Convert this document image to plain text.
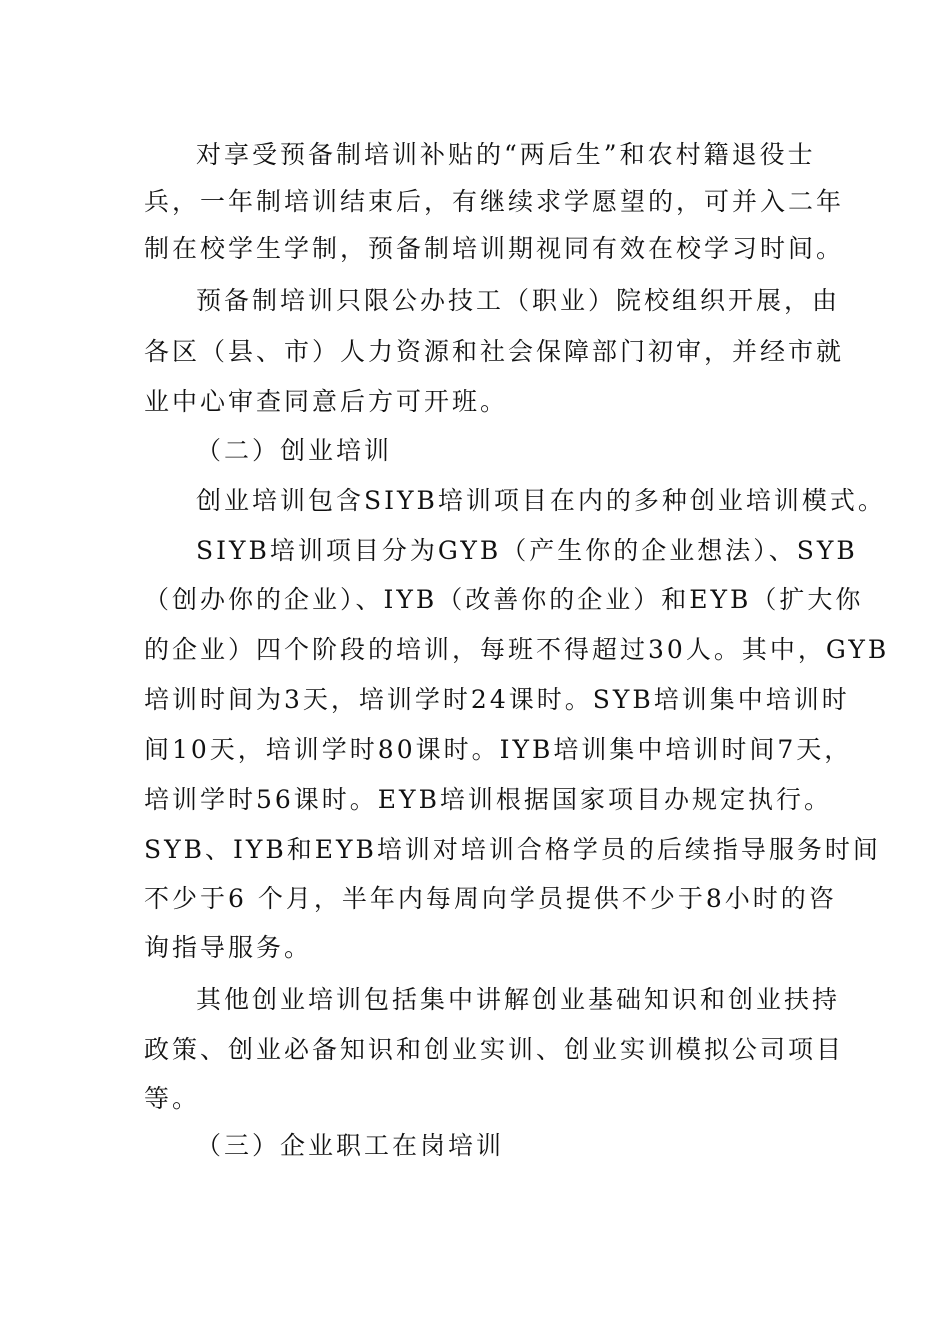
对享受预备制培训补贴的“两后生”和农村籍退役士
兵，一年制培训结束后，有继续求学愿望的，可并入二年
制在校学生学制，预备制培训期视同有效在校学习时间。
预备制培训只限公办技工（职业）院校组织开展，由
各区（县、市）人力资源和社会保障部门初审，并经市就
业中心审查同意后方可开班。
（二）创业培训
创业培训包含SIYB培训项目在内的多种创业培训模式。
SIYB培训项目分为GYB（产生你的企业想法）、SYB
（创办你的企业）、IYB（改善你的企业）和EYB（扩大你
的企业）四个阶段的培训，每班不得超过30人。其中，GYB
培训时间为3天，培训学时24课时。SYB培训集中培训时
间10天，培训学时80课时。IYB培训集中培训时间7天，
培训学时56课时。EYB培训根据国家项目办规定执行。
SYB、IYB和EYB培训对培训合格学员的后续指导服务时间
不少于6 个月，半年内每周向学员提供不少于8小时的咨
询指导服务。
其他创业培训包括集中讲解创业基础知识和创业扶持
政策、创业必备知识和创业实训、创业实训模拟公司项目
等。
（三）企业职工在岗培训
